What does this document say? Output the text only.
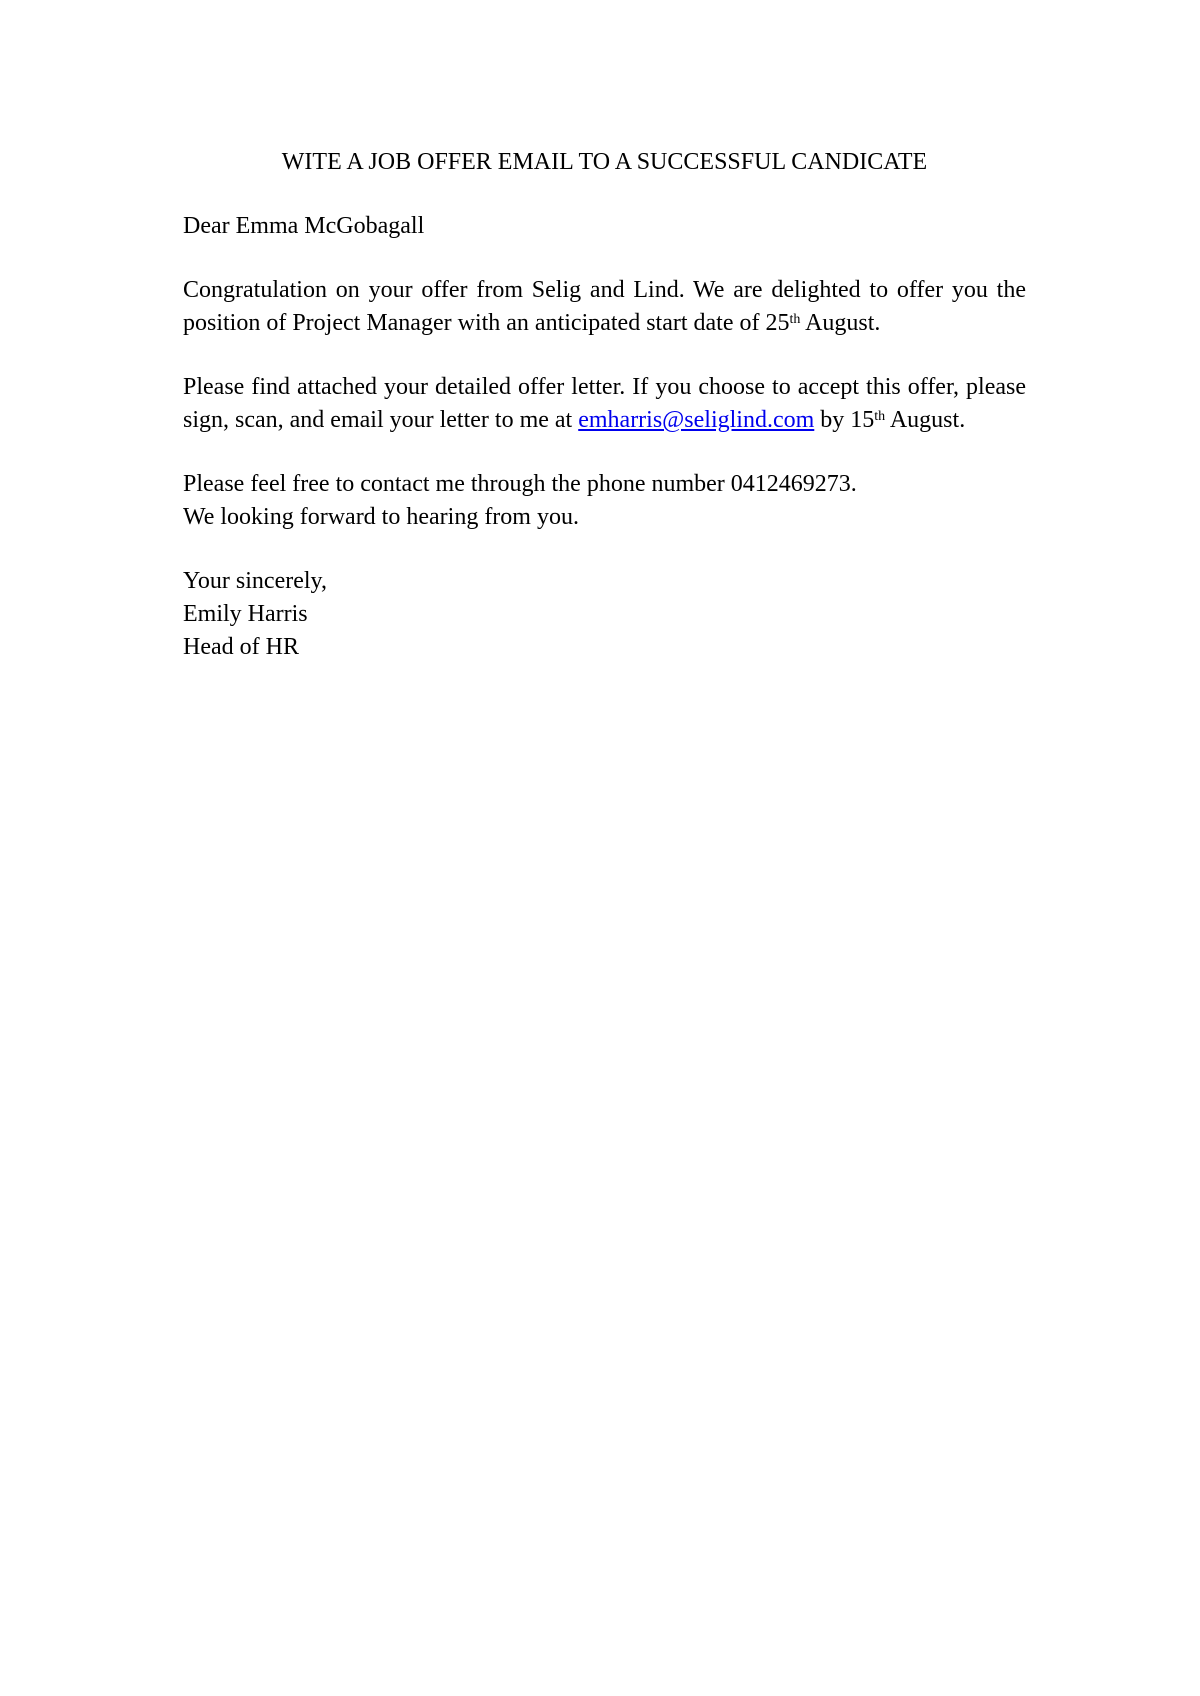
WITE A JOB OFFER EMAIL TO A SUCCESSFUL CANDICATE
Dear Emma McGobagall
Congratulation on your offer from Selig and Lind. We are delighted to offer you the position of Project Manager with an anticipated start date of 25th August.
Please find attached your detailed offer letter. If you choose to accept this offer, please sign, scan, and email your letter to me at emharris@seliglind.com by 15th August.
Please feel free to contact me through the phone number 0412469273.
We looking forward to hearing from you.
Your sincerely,
Emily Harris
Head of HR
